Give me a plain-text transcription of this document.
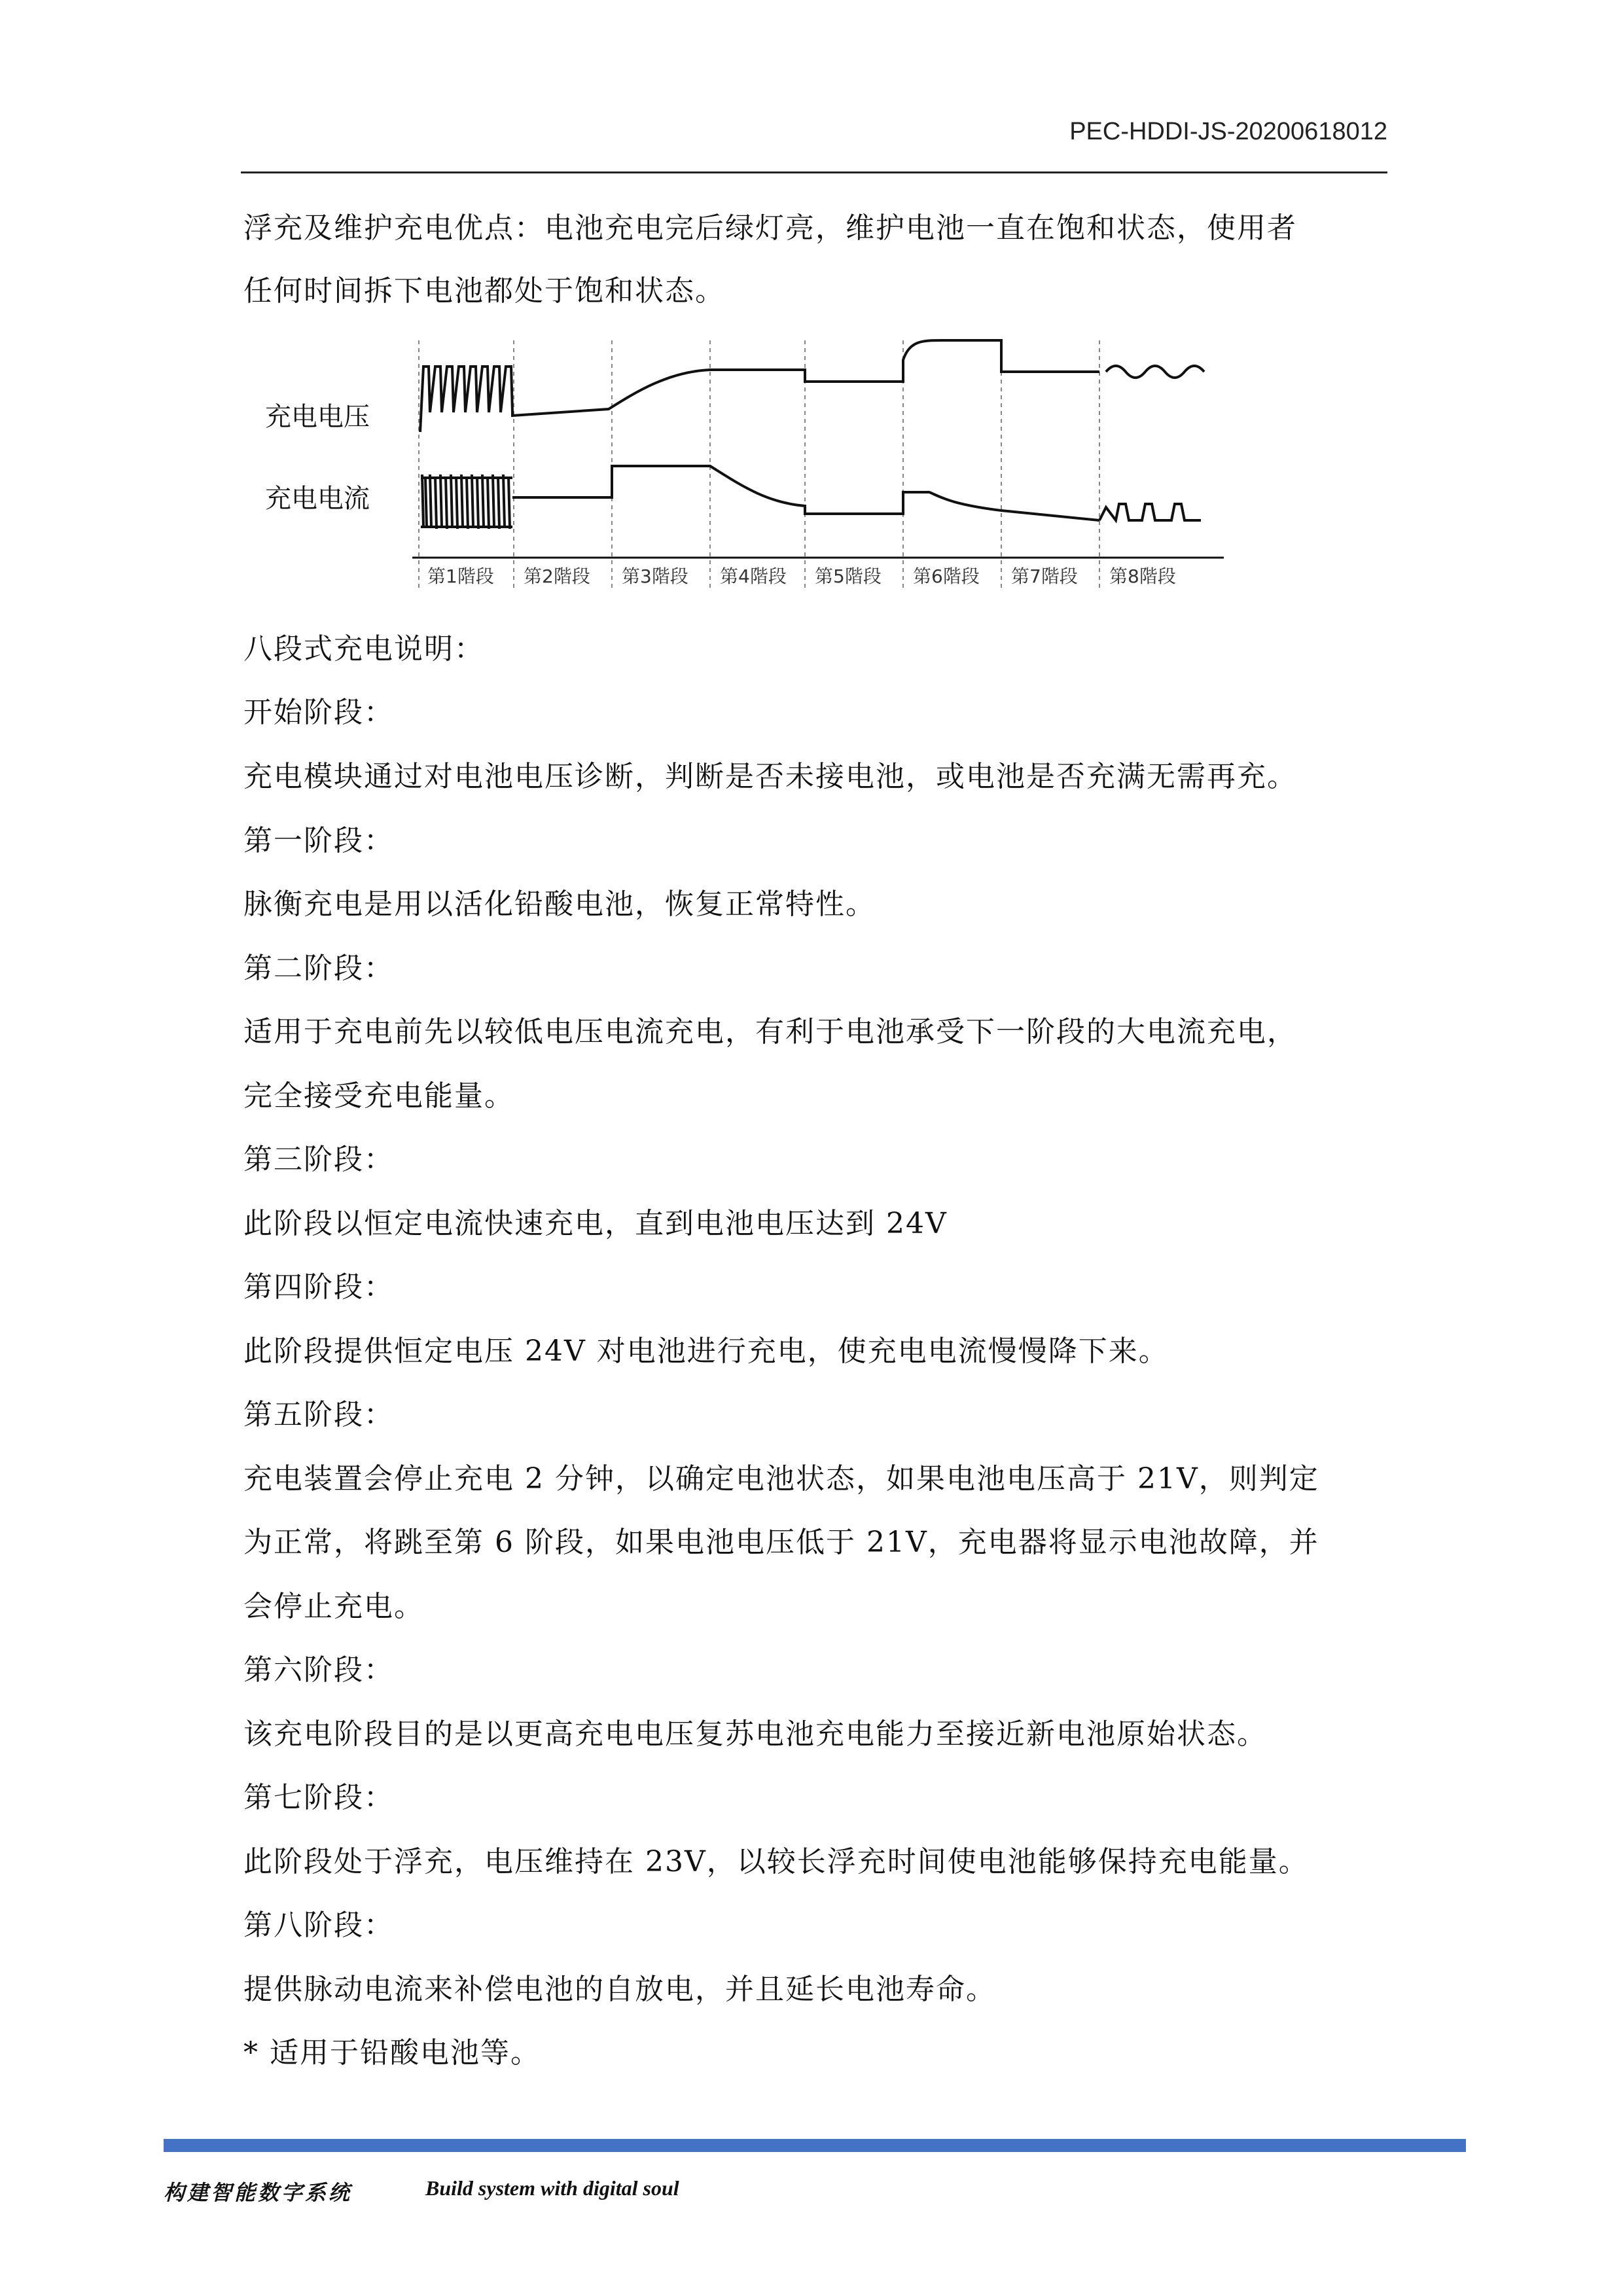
PEC-HDDI-JS-20200618012
浮充及维护充电优点：电池充电完后绿灯亮，维护电池一直在饱和状态，使用者
任何时间拆下电池都处于饱和状态。
充电电压
充电电流
第1階段 第2階段 第3階段 第4階段 第5階段 第6階段 第7階段 第8階段
八段式充电说明：
开始阶段：
充电模块通过对电池电压诊断，判断是否未接电池，或电池是否充满无需再充。
第一阶段：
脉衡充电是用以活化铅酸电池，恢复正常特性。
第二阶段：
适用于充电前先以较低电压电流充电，有利于电池承受下一阶段的大电流充电，
完全接受充电能量。
第三阶段：
此阶段以恒定电流快速充电，直到电池电压达到 24V
第四阶段：
此阶段提供恒定电压 24V 对电池进行充电，使充电电流慢慢降下来。
第五阶段：
充电装置会停止充电 2 分钟，以确定电池状态，如果电池电压高于 21V，则判定
为正常，将跳至第 6 阶段，如果电池电压低于 21V，充电器将显示电池故障，并
会停止充电。
第六阶段：
该充电阶段目的是以更高充电电压复苏电池充电能力至接近新电池原始状态。
第七阶段：
此阶段处于浮充，电压维持在 23V，以较长浮充时间使电池能够保持充电能量。
第八阶段：
提供脉动电流来补偿电池的自放电，并且延长电池寿命。
* 适用于铅酸电池等。
构建智能数字系统	Build system with digital soul
